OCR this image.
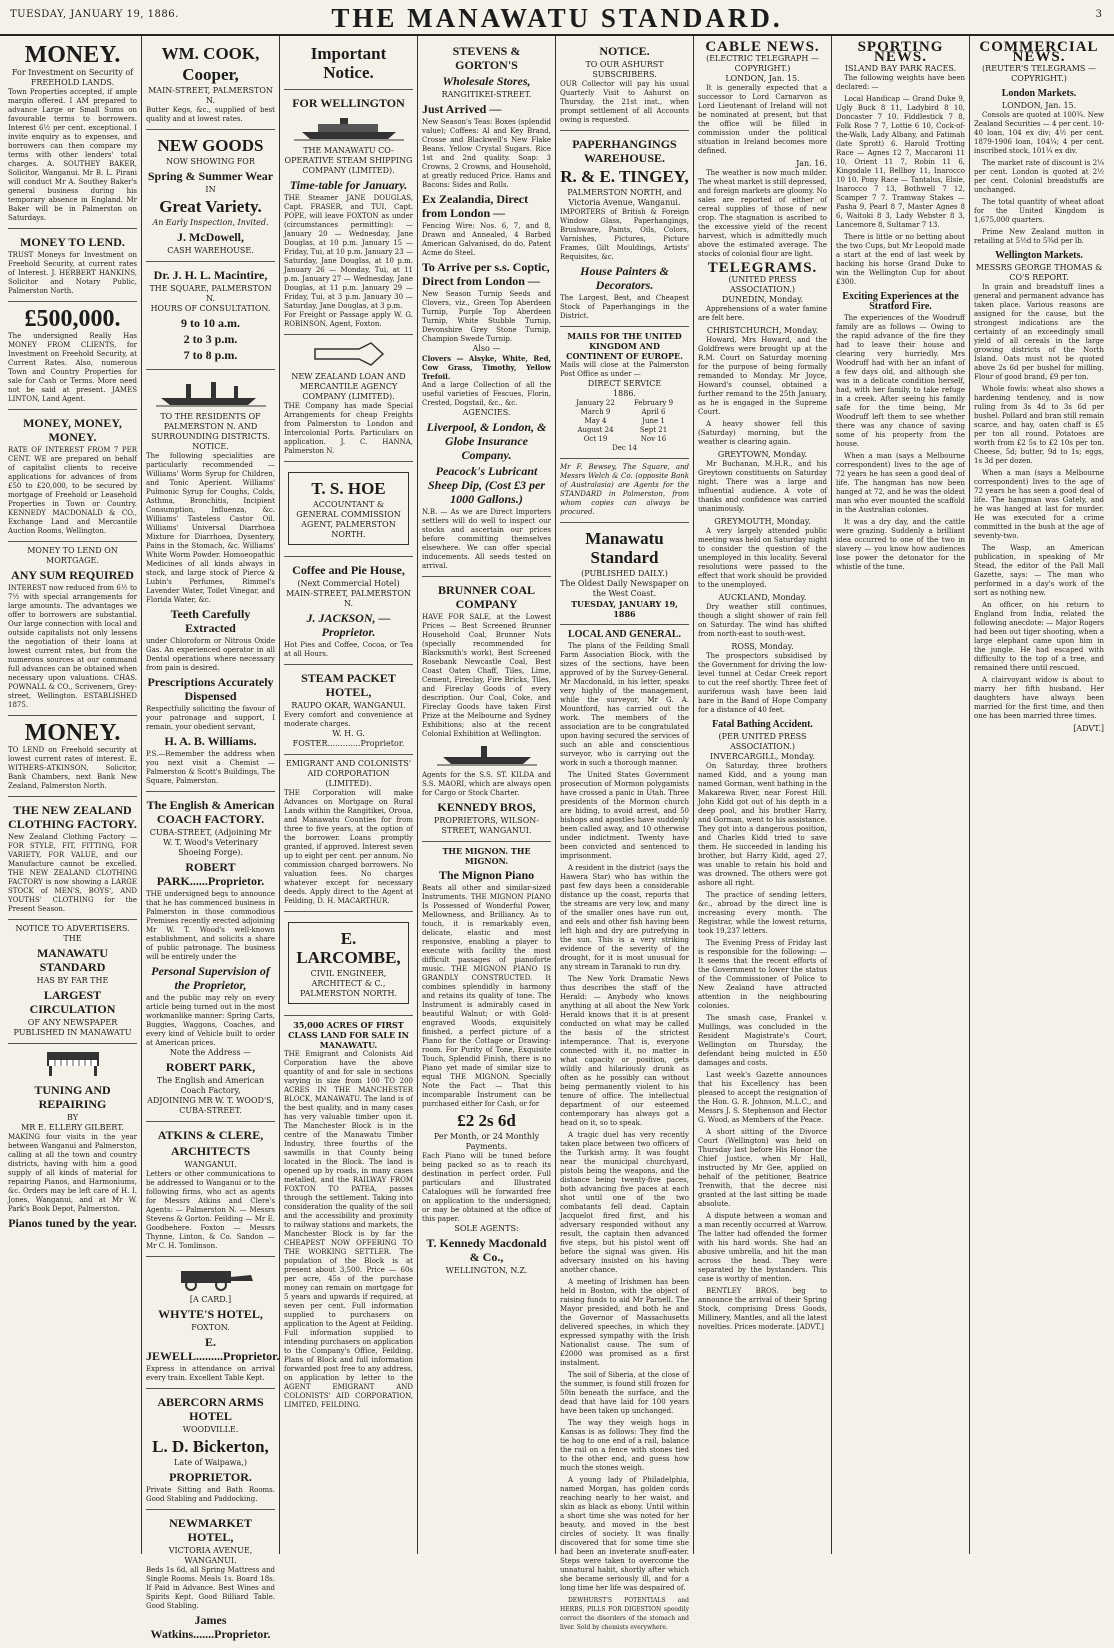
TUESDAY, JANUARY 19, 1886.	THE MANAWATU STANDARD.	3
MONEY.
For Investment on Security of FREEHOLD LANDS.
Town Properties accepted, if ample margin offered. I AM prepared to advance Large or Small Sums on favourable terms to borrowers. Interest 6½ per cent. exceptional. I invite enquiry as to expenses, and borrowers can then compare my terms with other lenders' total charges. A. SOUTHEY BAKER, Solicitor, Wanganui. Mr B. L. Pirani will conduct Mr A. Southey Baker's general business during his temporary absence in England. Mr Baker will be in Palmerston on Saturdays.
MONEY TO LEND.
TRUST Moneys for Investment on Freehold Security, at current rates of Interest. J. HERBERT HANKINS, Solicitor and Notary Public, Palmerston North.
£500,000.
The undersigned Really Has MONEY FROM CLIENTS, for Investment on Freehold Security, at Current Rates. Also, numerous Town and Country Properties for sale for Cash or Terms. More need not be said at present. JAMES LINTON, Land Agent.
MONEY, MONEY, MONEY.
RATE OF INTEREST FROM 7 PER CENT. WE are prepared on behalf of capitalist clients to receive applications for advances of from £50 to £20,000, to be secured by mortgage of Freehold or Leasehold Properties in Town or Country. KENNEDY MACDONALD & CO., Exchange Land and Mercantile Auction Rooms, Wellington.
MONEY TO LEND ON MORTGAGE.
ANY SUM REQUIRED
INTEREST now reduced from 6½ to 7½ with special arrangements for large amounts. The advantages we offer to borrowers are substantial. Our large connection with local and outside capitalists not only lessens the negotiation of their loans at lowest current rates, but from the numerous sources at our command full advances can be obtained when necessary upon valuations. CHAS. POWNALL & CO., Scriveners, Grey-street, Wellington. ESTABLISHED 1875.
MONEY.
TO LEND on Freehold security at lowest current rates of interest. E. WITHERS-ATKINSON, Solicitor, Bank Chambers, next Bank New Zealand, Palmerston North.
THE NEW ZEALAND CLOTHING FACTORY.
New Zealand Clothing Factory — FOR STYLE, FIT, FITTING, FOR VARIETY, FOR VALUE, and our Manufacture cannot be excelled. THE NEW ZEALAND CLOTHING FACTORY is now showing a LARGE STOCK of MEN'S, BOYS', AND YOUTHS' CLOTHING for the Present Season.
NOTICE TO ADVERTISERS.
THE
MANAWATU STANDARD
HAS BY FAR THE
LARGEST CIRCULATION
OF ANY NEWSPAPER PUBLISHED IN MANAWATU
TUNING AND REPAIRING
BY
MR E. ELLERY GILBERT.
MAKING four visits in the year between Wanganui and Palmerston, calling at all the town and country districts, having with him a good supply of all kinds of material for repairing Pianos, and Harmoniums, &c. Orders may be left care of H. I. Jones, Wanganui, and at Mr W. Park's Book Depot, Palmerston.
Pianos tuned by the year.
WM. COOK,
Cooper,
MAIN-STREET, PALMERSTON N.
Butter Kegs, &c., supplied of best quality and at lowest rates.
NEW GOODS
NOW SHOWING FOR
Spring & Summer Wear
IN
Great Variety.
An Early Inspection, Invited.
J. McDowell,
CASH WAREHOUSE.
Dr. J. H. L. Macintire,
THE SQUARE, PALMERSTON N.
HOURS OF CONSULTATION.
9 to 10 a.m.
2 to 3 p.m.
7 to 8 p.m.
TO THE RESIDENTS OF PALMERSTON N. AND SURROUNDING DISTRICTS.
NOTICE.
The following specialities are particularly recommended — Williams' Worm Syrup for Children, and Tonic Aperient. Williams' Pulmonic Syrup for Coughs, Colds, Asthma, Bronchitis, Incipient Consumption, Influenza, &c. Williams' Tasteless Castor Oil. Williams' Universal Diarrhoea Mixture for Diarrhoea, Dysentery, Pains in the Stomach, &c. Williams' White Worm Powder. Homoeopathic Medicines of all kinds always in stock, and large stock of Pierce & Lubin's Perfumes, Rimmel's Lavender Water, Toilet Vinegar, and Florida Water, &c.
Teeth Carefully Extracted
under Chloroform or Nitrous Oxide Gas. An experienced operator in all Dental operations where necessary from pain is desired.
Prescriptions Accurately Dispensed
Respectfully soliciting the favour of your patronage and support, I remain, your obedient servant,
H. A. B. Williams.
P.S.—Remember the address when you next visit a Chemist — Palmerston & Scott's Buildings, The Square, Palmerston.
The English & American COACH FACTORY.
CUBA-STREET, (Adjoining Mr W. T. Wood's Veterinary Shoeing Forge).
ROBERT PARK......Proprietor.
THE undersigned begs to announce that he has commenced business in Palmerston in those commodious Premises recently erected adjoining Mr W. T. Wood's well-known establishment, and solicits a share of public patronage. The business will be entirely under the
Personal Supervision of the Proprietor,
and the public may rely on every article being turned out in the most workmanlike manner: Spring Carts, Buggies, Waggons, Coaches, and every kind of Vehicle built to order at American prices.
Note the Address —
ROBERT PARK,
The English and American Coach Factory,
ADJOINING MR W. T. WOOD'S, CUBA-STREET.
ATKINS & CLERE,
ARCHITECTS
WANGANUI.
Letters or other communications to be addressed to Wanganui or to the following firms, who act as agents for Messrs Atkins and Clere's Agents: — Palmerston N. — Messrs Stevens & Gorton. Feilding — Mr E. Goodbehere. Foxton — Messrs Thynne, Linton, & Co. Sandon — Mr C. H. Tomlinson.
[A CARD.]
WHYTE'S HOTEL,
FOXTON.
E. JEWELL.........Proprietor.
Express in attendance on arrival every train. Excellent Table Kept.
ABERCORN ARMS HOTEL
WOODVILLE.
L. D. Bickerton,
Late of Waipawa,)
PROPRIETOR.
Private Sitting and Bath Rooms. Good Stabling and Paddocking.
NEWMARKET HOTEL,
VICTORIA AVENUE, WANGANUI.
Beds 1s 6d, all Spring Mattress and Single Rooms. Meals 1s. Board 18s. If Paid in Advance. Best Wines and Spirits Kept. Good Billiard Table. Good Stabling.
James Watkins.......Proprietor.
Important Notice.
FOR WELLINGTON
THE MANAWATU CO-OPERATIVE STEAM SHIPPING COMPANY (LIMITED).
Time-table for January.
THE Steamer JANE DOUGLAS, Capt. FRASER, and TUI, Capt. POPE, will leave FOXTON as under (circumstances permitting): — January 20 — Wednesday, Jane Douglas, at 10 p.m. January 15 — Friday, Tui, at 10 p.m. January 23 — Saturday, Jane Douglas, at 10 p.m. January 26 — Monday, Tui, at 11 p.m. January 27 — Wednesday, Jane Douglas, at 11 p.m. January 29 — Friday, Tui, at 3 p.m. January 30 — Saturday, Jane Douglas, at 3 p.m.
For Freight or Passage apply W. G. ROBINSON, Agent, Foxton.
NEW ZEALAND LOAN AND MERCANTILE AGENCY COMPANY (LIMITED).
THE Company has made Special Arrangements for cheap Freights from Palmerston to London and Intercolonial Ports. Particulars on application. J. C. HANNA, Palmerston N.
T. S. HOE
ACCOUNTANT & GENERAL COMMISSION AGENT, PALMERSTON NORTH.
Coffee and Pie House,
(Next Commercial Hotel) MAIN-STREET, PALMERSTON N.
J. JACKSON, — Proprietor.
Hot Pies and Coffee, Cocoa, or Tea at all Hours.
STEAM PACKET HOTEL,
RAUPO OKAR, WANGANUI.
Every comfort and convenience at moderate charges.
W. H. G. FOSTER.............Proprietor.
EMIGRANT AND COLONISTS' AID CORPORATION (LIMITED).
THE Corporation will make Advances on Mortgage on Rural Lands within the Rangitikei, Oroua, and Manawatu Counties for from three to five years, at the option of the borrower. Loans promptly granted, if approved. Interest seven up to eight per cent. per annum. No commission charged borrowers. No valuation fees. No charges whatever except for necessary deeds. Apply direct to the Agent at Feilding, D. H. MACARTHUR.
E. LARCOMBE,
CIVIL ENGINEER, ARCHITECT & C., PALMERSTON NORTH.
35,000 ACRES OF FIRST CLASS LAND FOR SALE IN MANAWATU.
THE Emigrant and Colonists Aid Corporation have the above quantity of and for sale in sections varying in size from 100 TO 200 ACRES IN THE MANCHESTER BLOCK, MANAWATU. The land is of the best quality, and in many cases has very valuable timber upon it. The Manchester Block is in the centre of the Manawatu Timber Industry, three fourths of the sawmills in that County being located in the Block. The land is opened up by roads, in many cases metalled, and the RAILWAY FROM FOXTON TO PATEA, passes through the settlement. Taking into consideration the quality of the soil and the accessibility and proximity to railway stations and markets, the Manchester Block is by far the CHEAPEST NOW OFFERING TO THE WORKING SETTLER. The population of the Block is at present about 3,500. Price — 60s per acre, 45s of the purchase money can remain on mortgage for 5 years and upwards if required, at seven per cent. Full information supplied to purchasers on application to the Agent at Feilding. Full information supplied to intending purchasers on application to the Company's Office, Feilding. Plans of Block and full information forwarded post free to any address, on application by letter to the AGENT EMIGRANT AND COLONISTS' AID CORPORATION, LIMITED, FEILDING.
STEVENS & GORTON'S
Wholesale Stores,
RANGITIKEI-STREET.
Just Arrived —
New Season's Teas: Boxes (splendid value); Coffees: Al and Key Brand, Crosse and Blackwell's New Flake Beans. Yellow Crystal Sugars. Rice 1st and 2nd quality. Soap: 3 Crowns, 2 Crowns, and Household, at greatly reduced Price. Hams and Bacons: Sides and Rolls.
Ex Zealandia, Direct from London —
Fencing Wire: Nos. 6, 7, and 8, Drawn and Annealed, 4 Barbed American Galvanised, do do, Patent Acme do Steel.
To Arrive per s.s. Coptic, Direct from London —
New Season Turnip Seeds and Clovers, viz., Green Top Aberdeen Turnip, Purple Top Aberdeen Turnip, White Stubble Turnip, Devonshire Grey Stone Turnip, Champion Swede Turnip.
Also —
Clovers — Alsyke, White, Red, Cow Grass, Timothy, Yellow Trefoil.
And a large Collection of all the useful varieties of Fescues, Florin, Crested, Dogstail, &c., &c.
AGENCIES.
Liverpool, & London, & Globe Insurance Company.
Peacock's Lubricant Sheep Dip, (Cost £3 per 1000 Gallons.)
N.B. — As we are Direct Importers settlers will do well to inspect our stocks and ascertain our prices before committing themselves elsewhere. We can offer special inducements. All seeds tested on arrival.
BRUNNER COAL COMPANY
HAVE FOR SALE, at the Lowest Prices — Best Screened Brunner Household Coal, Brunner Nuts (specially recommended for Blacksmith's work), Best Screened Rosebank Newcastle Coal, Best Coast Oaten Chaff, Tiles, Lime, Cement, Fireclay, Fire Bricks, Tiles, and Fireclay Goods of every description. Our Coal, Coke, and Fireclay Goods have taken First Prize at the Melbourne and Sydney Exhibitions; also at the recent Colonial Exhibition at Wellington.
Agents for the S.S. ST. KILDA and S.S. MAORI, which are always open for Cargo or Stock Charter.
KENNEDY BROS,
PROPRIETORS, WILSON-STREET, WANGANUI.
THE MIGNON. THE MIGNON.
The Mignon Piano
Beats all other and similar-sized Instruments. THE MIGNON PIANO Is Possessed of Wonderful Power, Mellowness, and Brilliancy. As to touch, it is remarkably even, delicate, elastic and most responsive, enabling a player to execute with facility the most difficult passages of pianoforte music. THE MIGNON PIANO IS GRANDLY CONSTRUCTED. It combines splendidly in harmony and retains its quality of tone. The Instrument is admirably cased in beautiful Walnut; or with Gold-engraved Woods, exquisitely finished, a perfect picture of a Piano for the Cottage or Drawing-room. For Purity of Tone, Exquisite Touch, Splendid Finish, there is no Piano yet made of similar size to equal THE MIGNON. Specially Note the Fact — That this incomparable Instrument can be purchased either for Cash, or for
£2 2s 6d
Per Month, or 24 Monthly Payments.
Each Piano will be tuned before being packed so as to reach its destination in perfect order. Full particulars and Illustrated Catalogues will be forwarded free on application to the undersigned; or may be obtained at the office of this paper.
SOLE AGENTS:
T. Kennedy Macdonald & Co.,
WELLINGTON, N.Z.
NOTICE.
TO OUR ASHURST SUBSCRIBERS.
OUR Collector will pay his usual Quarterly Visit to Ashurst on Thursday, the 21st inst., when prompt settlement of all Accounts owing is requested.
PAPERHANGINGS WAREHOUSE.
R. & E. TINGEY,
PALMERSTON NORTH, and Victoria Avenue, Wanganui.
IMPORTERS of British & Foreign Window Glass, Paperhangings, Brushware, Paints, Oils, Colors, Varnishes, Pictures, Picture Frames, Gilt Mouldings, Artists' Requisites, &c.
House Painters & Decorators.
The Largest, Best, and Cheapest Stock of Paperhangings in the District.
MAILS FOR THE UNITED KINGDOM AND CONTINENT OF EUROPE.
Mails will close at the Palmerston Post Office as under —
DIRECT SERVICE
1886.
January 22	February 9March 9	April 6May 4	June 1August 24	Sept 21Oct 19	Nov 16Dec 14
Mr F. Bewsey, The Square, and Messrs Welch & Co. (opposite Bank of Australasia) are Agents for the STANDARD in Palmerston, from whom copies can always be procured.
Manawatu Standard
(PUBLISHED DAILY.)
The Oldest Daily Newspaper on the West Coast.
TUESDAY, JANUARY 19, 1886
LOCAL AND GENERAL.

The plans of the Feilding Small Farm Association Block, with the sizes of the sections, have been approved of by the Survey-General. Mr Macdonald, in his letter, speaks very highly of the management, while the surveyor, Mr G. A. Mountford, has carried out the work. The members of the association are to be congratulated upon having secured the services of such an able and conscientious surveyor, who is carrying out the work in such a thorough manner.

The United States Government prosecution of Mormon polygamists have crossed a panic in Utah. Three presidents of the Mormon church are hiding, to avoid arrest, and 50 bishops and apostles have suddenly been called away, and 10 otherwise under indictment. Twenty have been convicted and sentenced to imprisonment.

A resident in the district (says the Hawera Star) who has within the past few days been a considerable distance up the coast, reports that the streams are very low, and many of the smaller ones have run out, and eels and other fish having been left high and dry are putrefying in the sun. This is a very striking evidence of the severity of the drought, for it is most unusual for any stream in Taranaki to run dry.

The New York Dramatic News thus describes the staff of the Herald: — Anybody who knows anything at all about the New York Herald knows that it is at present conducted on what may be called the basis of the strictest intemperance. That is, everyone connected with it, no matter in what capacity or position, gets wildly and hilariously drunk as often as he possibly can without being permanently violent to his tenure of office. The intellectual department of our esteemed contemporary has always got a head on it, so to speak.

A tragic duel has very recently taken place between two officers of the Turkish army. It was fought near the municipal churchyard, pistols being the weapons, and the distance being twenty-five paces, both advancing five paces at each shot until one of the two combatants fell dead. Captain Jacquelot fired first, and his adversary responded without any result, the captain then advanced five steps, but his pistol went off before the signal was given. His adversary insisted on his having another chance.

A meeting of Irishmen has been held in Boston, with the object of raising funds to aid Mr Parnell. The Mayor presided, and both he and the Governor of Massachusetts delivered speeches, in which they expressed sympathy with the Irish Nationalist cause. The sum of £2000 was promised as a first instalment.

The soil of Siberia, at the close of the summer, is found still frozen for 50in beneath the surface, and the dead that have laid for 100 years have been taken up unchanged.

The way they weigh hogs in Kansas is as follows: They find the tie hog to one end of a rail, balance the rail on a fence with stones tied to the other end, and guess how much the stones weigh.

A young lady of Philadelphia, named Morgan, has golden cords reaching nearly to her waist, and skin as black as ebony. Until within a short time she was noted for her beauty, and moved in the best circles of society. It was finally discovered that for some time she had been an inveterate snuff-eater. Steps were taken to overcome the unnatural habit, shortly after which she became seriously ill, and for a long time her life was despaired of.

DEWHURST'S POTENTIALS and HERBS, PILLS FOR DIGESTION speedily correct the disorders of the stomach and liver. Sold by chemists everywhere.

CABLE NEWS.
(ELECTRIC TELEGRAPH — COPYRIGHT.)
LONDON, Jan. 15.

It is generally expected that a successor to Lord Carnarvon as Lord Lieutenant of Ireland will not be nominated at present, but that the office will be filled in commission under the political situation in Ireland becomes more defined.

Jan. 16.

The weather is now much milder. The wheat market is still depressed, and foreign markets are gloomy. No sales are reported of either of cereal supplies of those of new crop. The stagnation is ascribed to the excessive yield of the recent harvest, which is admittedly much above the estimated average. The stocks of colonial flour are light.

TELEGRAMS.
(UNITED PRESS ASSOCIATION.)
DUNEDIN, Monday.

Apprehensions of a water famine are felt here.

CHRISTCHURCH, Monday.

Howard, Mrs Howard, and the Goldfrews were brought up at the R.M. Court on Saturday morning for the purpose of being formally remanded to Monday. Mr Joyce, Howard's counsel, obtained a further remand to the 25th January, as he is engaged in the Supreme Court.

A heavy shower fell this (Saturday) morning, but the weather is clearing again.

GREYTOWN, Monday.

Mr Buchanan, M.H.R., and his Greytown constituents on Saturday night. There was a large and influential audience. A vote of thanks and confidence was carried unanimously.

GREYMOUTH, Monday.

A very largely attended public meeting was held on Saturday night to consider the question of the unemployed in this locality. Several resolutions were passed to the effect that work should be provided to the unemployed.

AUCKLAND, Monday.

Dry weather still continues, though a slight shower of rain fell on Saturday. The wind has shifted from north-east to south-west.

ROSS, Monday.

The prospectors subsidised by the Government for driving the low-level tunnel at Cedar Creek report to cut the reef shortly. Three feet of auriferous wash have been laid bare in the Band of Hope Company for a distance of 40 feet.

Fatal Bathing Accident.
(PER UNITED PRESS ASSOCIATION.)
INVERCARGILL, Monday.

On Saturday, three brothers named Kidd, and a young man named Gorman, went bathing in the Makarewa River, near Forest Hill. John Kidd got out of his depth in a deep pool, and his brother Harry, and Gorman, went to his assistance. They got into a dangerous position, and Charles Kidd tried to save them. He succeeded in landing his brother, but Harry Kidd, aged 27, was unable to retain his hold and was drowned. The others were got ashore all right.

The practice of sending letters, &c., abroad by the direct line is increasing every month. The Registrar, while the lowest returns, took 19,237 letters.

The Evening Press of Friday last is responsible for the following: — It seems that the recent efforts of the Government to lower the status of the Commissioner of Police to New Zealand have attracted attention in the neighbouring colonies.

The smash case, Frankel v. Mullings, was concluded in the Resident Magistrate's Court, Wellington on Thursday, the defendant being mulcted in £50 damages and costs.

Last week's Gazette announces that his Excellency has been pleased to accept the resignation of the Hon. G. R. Johnson, M.L.C., and Messrs J. S. Stephenson and Hector G. Wood, as Members of the Peace.

A short sitting of the Divorce Court (Wellington) was held on Thursday last before His Honor the Chief Justice, when Mr Hall, instructed by Mr Gee, applied on behalf of the petitioner, Beatrice Trenwith, that the decree nisi granted at the last sitting be made absolute.

A dispute between a woman and a man recently occurred at Warrow. The latter had offended the former with his hard words. She had an abusive umbrella, and hit the man across the head. They were separated by the bystanders. This case is worthy of mention.

BENTLEY BROS. beg to announce the arrival of their Spring Stock, comprising Dress Goods, Millinery, Mantles, and all the latest novelties. Prices moderate. [ADVT.]

SPORTING NEWS.
ISLAND BAY PARK RACES.

The following weights have been declared: —

Local Handicap — Grand Duke 9, Ugly Buck 8 11, Ladybird 8 10, Doncaster 7 10. Fiddlestick 7 8, Folk Rose 7 7, Lottie 6 10, Cock-of-the-Walk, Lady Albany, and Fatimah (late Sprott) 6. Harold Trotting Race — Agnes 12 7, Maccaroni 11 10, Orient 11 7, Robin 11 6, Kingsdale 11, Bellboy 11, Inarocco 10 10. Pony Race — Tantalus, Elsie, Inarocco 7 13, Bothwell 7 12, Scamper 7 7. Tramway Stakes — Pasha 9, Pearl 8 7, Master Agnes 8 6, Waitoki 8 3, Lady Webster 8 3, Lancemore 8, Sultamar 7 13.

There is little or no betting about the two Cups, but Mr Leopold made a start at the end of last week by backing his horse Grand Duke to win the Wellington Cup for about £300.

Exciting Experiences at the Stratford Fire.

The experiences of the Woodruff family are as follows — Owing to the rapid advance of the fire they had to leave their house and clearing very hurriedly. Mrs Woodruff had with her an infant of a few days old, and although she was in a delicate condition herself, had, with her family, to take refuge in a creek. After seeing his family safe for the time being, Mr Woodruff left them to see whether there was any chance of saving some of his property from the house.

When a man (says a Melbourne correspondent) lives to the age of 72 years he has seen a good deal of life. The hangman has now been hanged at 72, and he was the oldest man who ever mounted the scaffold in the Australian colonies.

It was a dry day, and the cattle were grazing. Suddenly a brilliant idea occurred to one of the two in slavery — you know how audiences lose power the detonator for the whistle of the tune.

COMMERCIAL NEWS.
(REUTER'S TELEGRAMS — COPYRIGHT.)
London Markets.
LONDON, Jan. 15.

Consols are quoted at 100¾. New Zealand Securities — 4 per cent. 10-40 loan, 104 ex div; 4½ per cent. 1879-1906 loan, 104¼; 4 per cent. inscribed stock, 101¼ ex div.

The market rate of discount is 2¼ per cent. London is quoted at 2½ per cent. Colonial breadstuffs are unchanged.

The total quantity of wheat afloat for the United Kingdom is 1,675,000 quarters.

Prime New Zealand mutton in retailing at 5½d to 5¾d per lb.

Wellington Markets.
MESSRS GEORGE THOMAS & CO'S REPORT.

In grain and breadstuff lines a general and permanent advance has taken place. Various reasons are assigned for the cause, but the strongest indications are the certainty of an exceedingly small yield of all cereals in the large growing districts of the North Island. Oats must not be quoted above 2s 6d per bushel for milling. Flour of good brand, £9 per ton.

Whole fowls: wheat also shows a hardening tendency, and is now ruling from 3s 4d to 3s 6d per bushel. Pollard and bran still remain scarce, and hay, oaten chaff is £5 per ton all round. Potatoes are worth from £2 5s to £2 10s per ton. Cheese, 5d; butter, 9d to 1s; eggs, 1s 3d per dozen.

When a man (says a Melbourne correspondent) lives to the age of 72 years he has seen a good deal of life. The hangman was Gately, and he was hanged at last for murder. He was executed for a crime committed in the bush at the age of seventy-two.

The Wasp, an American publication, in speaking of Mr Stead, the editor of the Pall Mall Gazette, says: — The man who performed in a day's work of the sort as nothing new.

An officer, on his return to England from India, related the following anecdote: — Major Rogers had been out tiger shooting, when a large elephant came upon him in the jungle. He had escaped with difficulty to the top of a tree, and remained there until rescued.

A clairvoyant widow is about to marry her fifth husband. Her daughters have always been married for the first time, and then one has been married three times.

[ADVT.]
